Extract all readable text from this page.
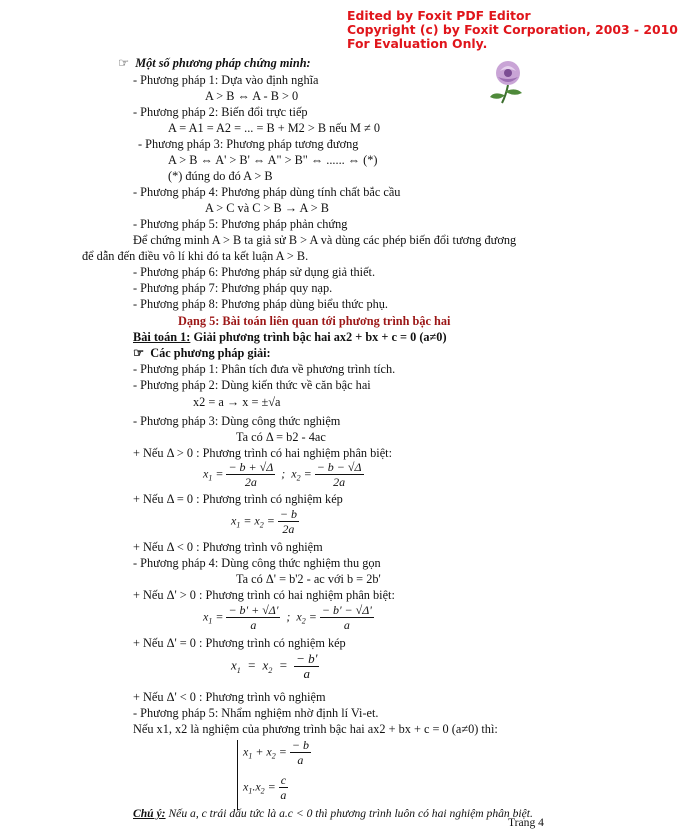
Edited by Foxit PDF Editor
Copyright (c) by Foxit Corporation, 2003 - 2010
For Evaluation Only.
☞ Một số phương pháp chứng minh:
- Phương pháp 1: Dựa vào định nghĩa
A > B ⇔ A - B > 0
- Phương pháp 2: Biến đổi trực tiếp
A = A1 = A2 = ... = B + M2 > B nếu M ≠ 0
- Phương pháp 3: Phương pháp tương đương
A > B ⇔ A' > B' ⇔ A" > B" ⇔ ...... ⇔ (*)
(*) đúng do đó A > B
- Phương pháp 4: Phương pháp dùng tính chất bắc cầu
A > C và C > B → A > B
- Phương pháp 5: Phương pháp phản chứng
Để chứng minh A > B ta giả sử B > A và dùng các phép biến đổi tương đương
để dẫn đến điều vô lí khi đó ta kết luận A > B.
- Phương pháp 6: Phương pháp sử dụng giả thiết.
- Phương pháp 7: Phương pháp quy nạp.
- Phương pháp 8: Phương pháp dùng biểu thức phụ.
Dạng 5: Bài toán liên quan tới phương trình bậc hai
Bài toán 1: Giải phương trình bậc hai ax2 + bx + c = 0 (a≠0)
☞ Các phương pháp giải:
- Phương pháp 1: Phân tích đưa về phương trình tích.
- Phương pháp 2: Dùng kiến thức về căn bậc hai
x2 = a → x = ±√a
- Phương pháp 3: Dùng công thức nghiệm
Ta có Δ = b2 - 4ac
+ Nếu Δ > 0 : Phương trình có hai nghiệm phân biệt:
$x_1 = \frac{- b + √\Delta}{2a}$ ;  $x_2 = \frac{- b - √\Delta}{2a}$
+ Nếu Δ = 0 : Phương trình có nghiệm kép
$x_1 = x_2 = \frac{- b}{2a}$
+ Nếu Δ < 0 : Phương trình vô nghiệm
- Phương pháp 4: Dùng công thức nghiệm thu gọn
Ta có Δ' = b'2 - ac với b = 2b'
+ Nếu Δ' > 0 : Phương trình có hai nghiệm phân biệt:
$x_1 = \frac{- b' + √\Delta'}{a}$ ;  $x_2 = \frac{- b' - √\Delta'}{a}$
+ Nếu Δ' = 0 : Phương trình có nghiệm kép
$x_1 = x_2 = \frac{- b'}{a}$
+ Nếu Δ' < 0 : Phương trình vô nghiệm
- Phương pháp 5: Nhẩm nghiệm nhờ định lí Vi-et.
Nếu x1, x2 là nghiệm của phương trình bậc hai ax2 + bx + c = 0 (a≠0) thì:
$x_1 + x_2 = \frac{- b}{a}$
$x_1.x_2 = \frac{c}{a}$
Chú ý: Nếu a, c trái dấu tức là a.c < 0 thì phương trình luôn có hai nghiệm phân biệt.
Trang 4
